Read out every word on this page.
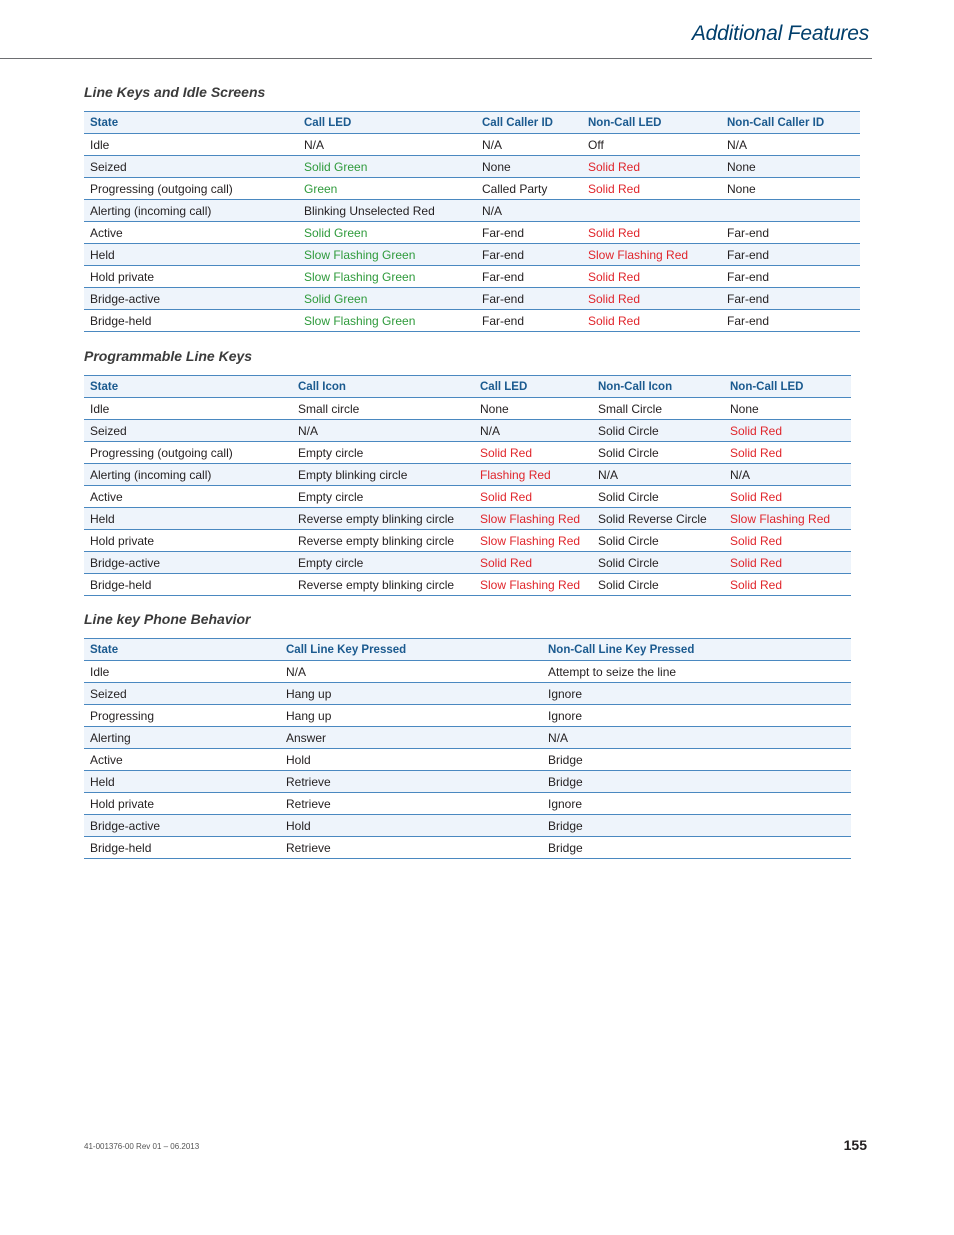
Additional Features
Line Keys and Idle Screens
State	Call LED	Call Caller ID	Non-Call LED	Non-Call Caller ID
Idle	N/A	N/A	Off	N/A
Seized	Solid Green	None	Solid Red	None
Progressing (outgoing call)	Green	Called Party	Solid Red	None
Alerting (incoming call)	Blinking Unselected Red	N/A		
Active	Solid Green	Far-end	Solid Red	Far-end
Held	Slow Flashing Green	Far-end	Slow Flashing Red	Far-end
Hold private	Slow Flashing Green	Far-end	Solid Red	Far-end
Bridge-active	Solid Green	Far-end	Solid Red	Far-end
Bridge-held	Slow Flashing Green	Far-end	Solid Red	Far-end
Programmable Line Keys
State	Call Icon	Call LED	Non-Call Icon	Non-Call LED
Idle	Small circle	None	Small Circle	None
Seized	N/A	N/A	Solid Circle	Solid Red
Progressing (outgoing call)	Empty circle	Solid Red	Solid Circle	Solid Red
Alerting (incoming call)	Empty blinking circle	Flashing Red	N/A	N/A
Active	Empty circle	Solid Red	Solid Circle	Solid Red
Held	Reverse empty blinking circle	Slow Flashing Red	Solid Reverse Circle	Slow Flashing Red
Hold private	Reverse empty blinking circle	Slow Flashing Red	Solid Circle	Solid Red
Bridge-active	Empty circle	Solid Red	Solid Circle	Solid Red
Bridge-held	Reverse empty blinking circle	Slow Flashing Red	Solid Circle	Solid Red
Line key Phone Behavior
State	Call Line Key Pressed	Non-Call Line Key Pressed
Idle	N/A	Attempt to seize the line
Seized	Hang up	Ignore
Progressing	Hang up	Ignore
Alerting	Answer	N/A
Active	Hold	Bridge
Held	Retrieve	Bridge
Hold private	Retrieve	Ignore
Bridge-active	Hold	Bridge
Bridge-held	Retrieve	Bridge
41-001376-00 Rev 01 – 06.2013	155
